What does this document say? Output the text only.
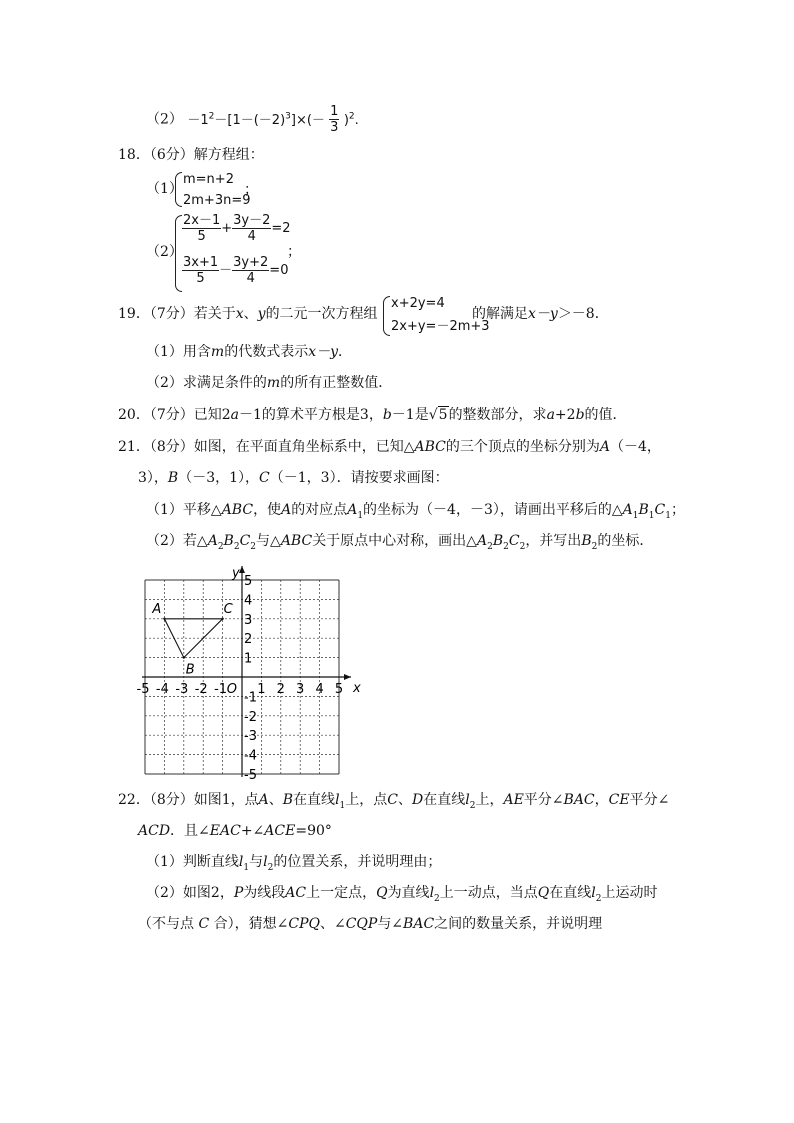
$(2) -1^2-[1-(-2)^3]\times(- \frac{1}{3} )^2$.
18．（6分）解方程组：
（1）
m=n+2
2m+3n=9
；
（2）
$\frac{2x-1}{5} + \frac{3y-2}{4} =2$
$\frac{3x+1}{5} - \frac{3y+2}{4} =0$
；
19．（7分）若关于x、y的二元一次方程组
x+2y=4
2x+y=－2m+3
的解满足x－y＞－8．
（1）用含m的代数式表示x－y．
（2）求满足条件的m的所有正整数值．
20．（7分）已知2a－1的算术平方根是3，b－1是√5的整数部分，求a+2b的值．
21．（8分）如图，在平面直角坐标系中，已知△ABC的三个顶点的坐标分别为A（－4，
3），B（－3，1），C（－1，3）．请按要求画图：
（1）平移△ABC，使A的对应点$A_1$的坐标为（－4，－3），请画出平移后的$\triangle A_1B_1C_1$；
（2）若$\triangle A_2B_2C_2$与△ABC关于原点中心对称，画出$\triangle A_2B_2C_2$，并写出$B_2$的坐标．
-5 -4 -3 -2 -1 1 2 3 4 5
5
4
3
2
1
-1
-2
-3
-4
-5
x
y
O
A
B
C
22．（8分）如图1，点A、B在直线$l_1$上，点C、D在直线$l_2$上，AE平分∠BAC，CE平分∠
ACD．且∠EAC+∠ACE=90°
（1）判断直线$l_1$与$l_2$的位置关系，并说明理由；
（2）如图2，P为线段AC上一定点，Q为直线$l_2$上一动点，当点Q在直线$l_2$上运动时
（不与点 C 合），猜想∠CPQ、∠CQP与∠BAC之间的数量关系，并说明理
